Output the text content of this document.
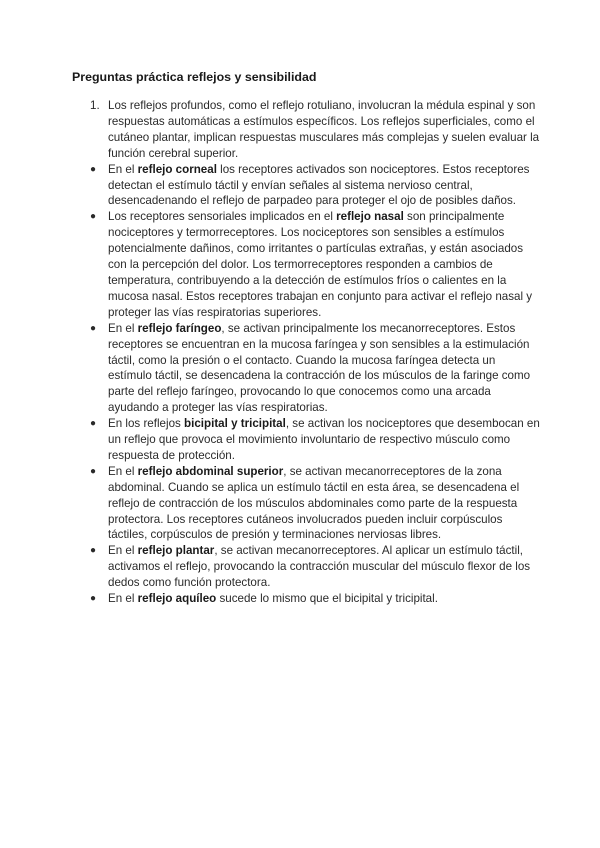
Preguntas práctica reflejos y sensibilidad

1. Los reflejos profundos, como el reflejo rotuliano, involucran la médula espinal y son respuestas automáticas a estímulos específicos. Los reflejos superficiales, como el cutáneo plantar, implican respuestas musculares más complejas y suelen evaluar la función cerebral superior.

●	En el reflejo corneal los receptores activados son nociceptores. Estos receptores detectan el estímulo táctil y envían señales al sistema nervioso central, desencadenando el reflejo de parpadeo para proteger el ojo de posibles daños.

●	Los receptores sensoriales implicados en el reflejo nasal son principalmente nociceptores y termorreceptores. Los nociceptores son sensibles a estímulos potencialmente dañinos, como irritantes o partículas extrañas, y están asociados con la percepción del dolor. Los termorreceptores responden a cambios de temperatura, contribuyendo a la detección de estímulos fríos o calientes en la mucosa nasal. Estos receptores trabajan en conjunto para activar el reflejo nasal y proteger las vías respiratorias superiores.

●	En el reflejo faríngeo, se activan principalmente los mecanorreceptores. Estos receptores se encuentran en la mucosa faríngea y son sensibles a la estimulación táctil, como la presión o el contacto. Cuando la mucosa faríngea detecta un estímulo táctil, se desencadena la contracción de los músculos de la faringe como parte del reflejo faríngeo, provocando lo que conocemos como una arcada ayudando a proteger las vías respiratorias.

●	En los reflejos bicipital y tricipital, se activan los nociceptores que desembocan en un reflejo que provoca el movimiento involuntario de respectivo músculo como respuesta de protección.

●	En el reflejo abdominal superior, se activan mecanorreceptores de la zona abdominal. Cuando se aplica un estímulo táctil en esta área, se desencadena el reflejo de contracción de los músculos abdominales como parte de la respuesta protectora. Los receptores cutáneos involucrados pueden incluir corpúsculos táctiles, corpúsculos de presión y terminaciones nerviosas libres.

●	En el reflejo plantar, se activan mecanorreceptores. Al aplicar un estímulo táctil, activamos el reflejo, provocando la contracción muscular del músculo flexor de los dedos como función protectora.

●	En el reflejo aquíleo sucede lo mismo que el bicipital y tricipital.
